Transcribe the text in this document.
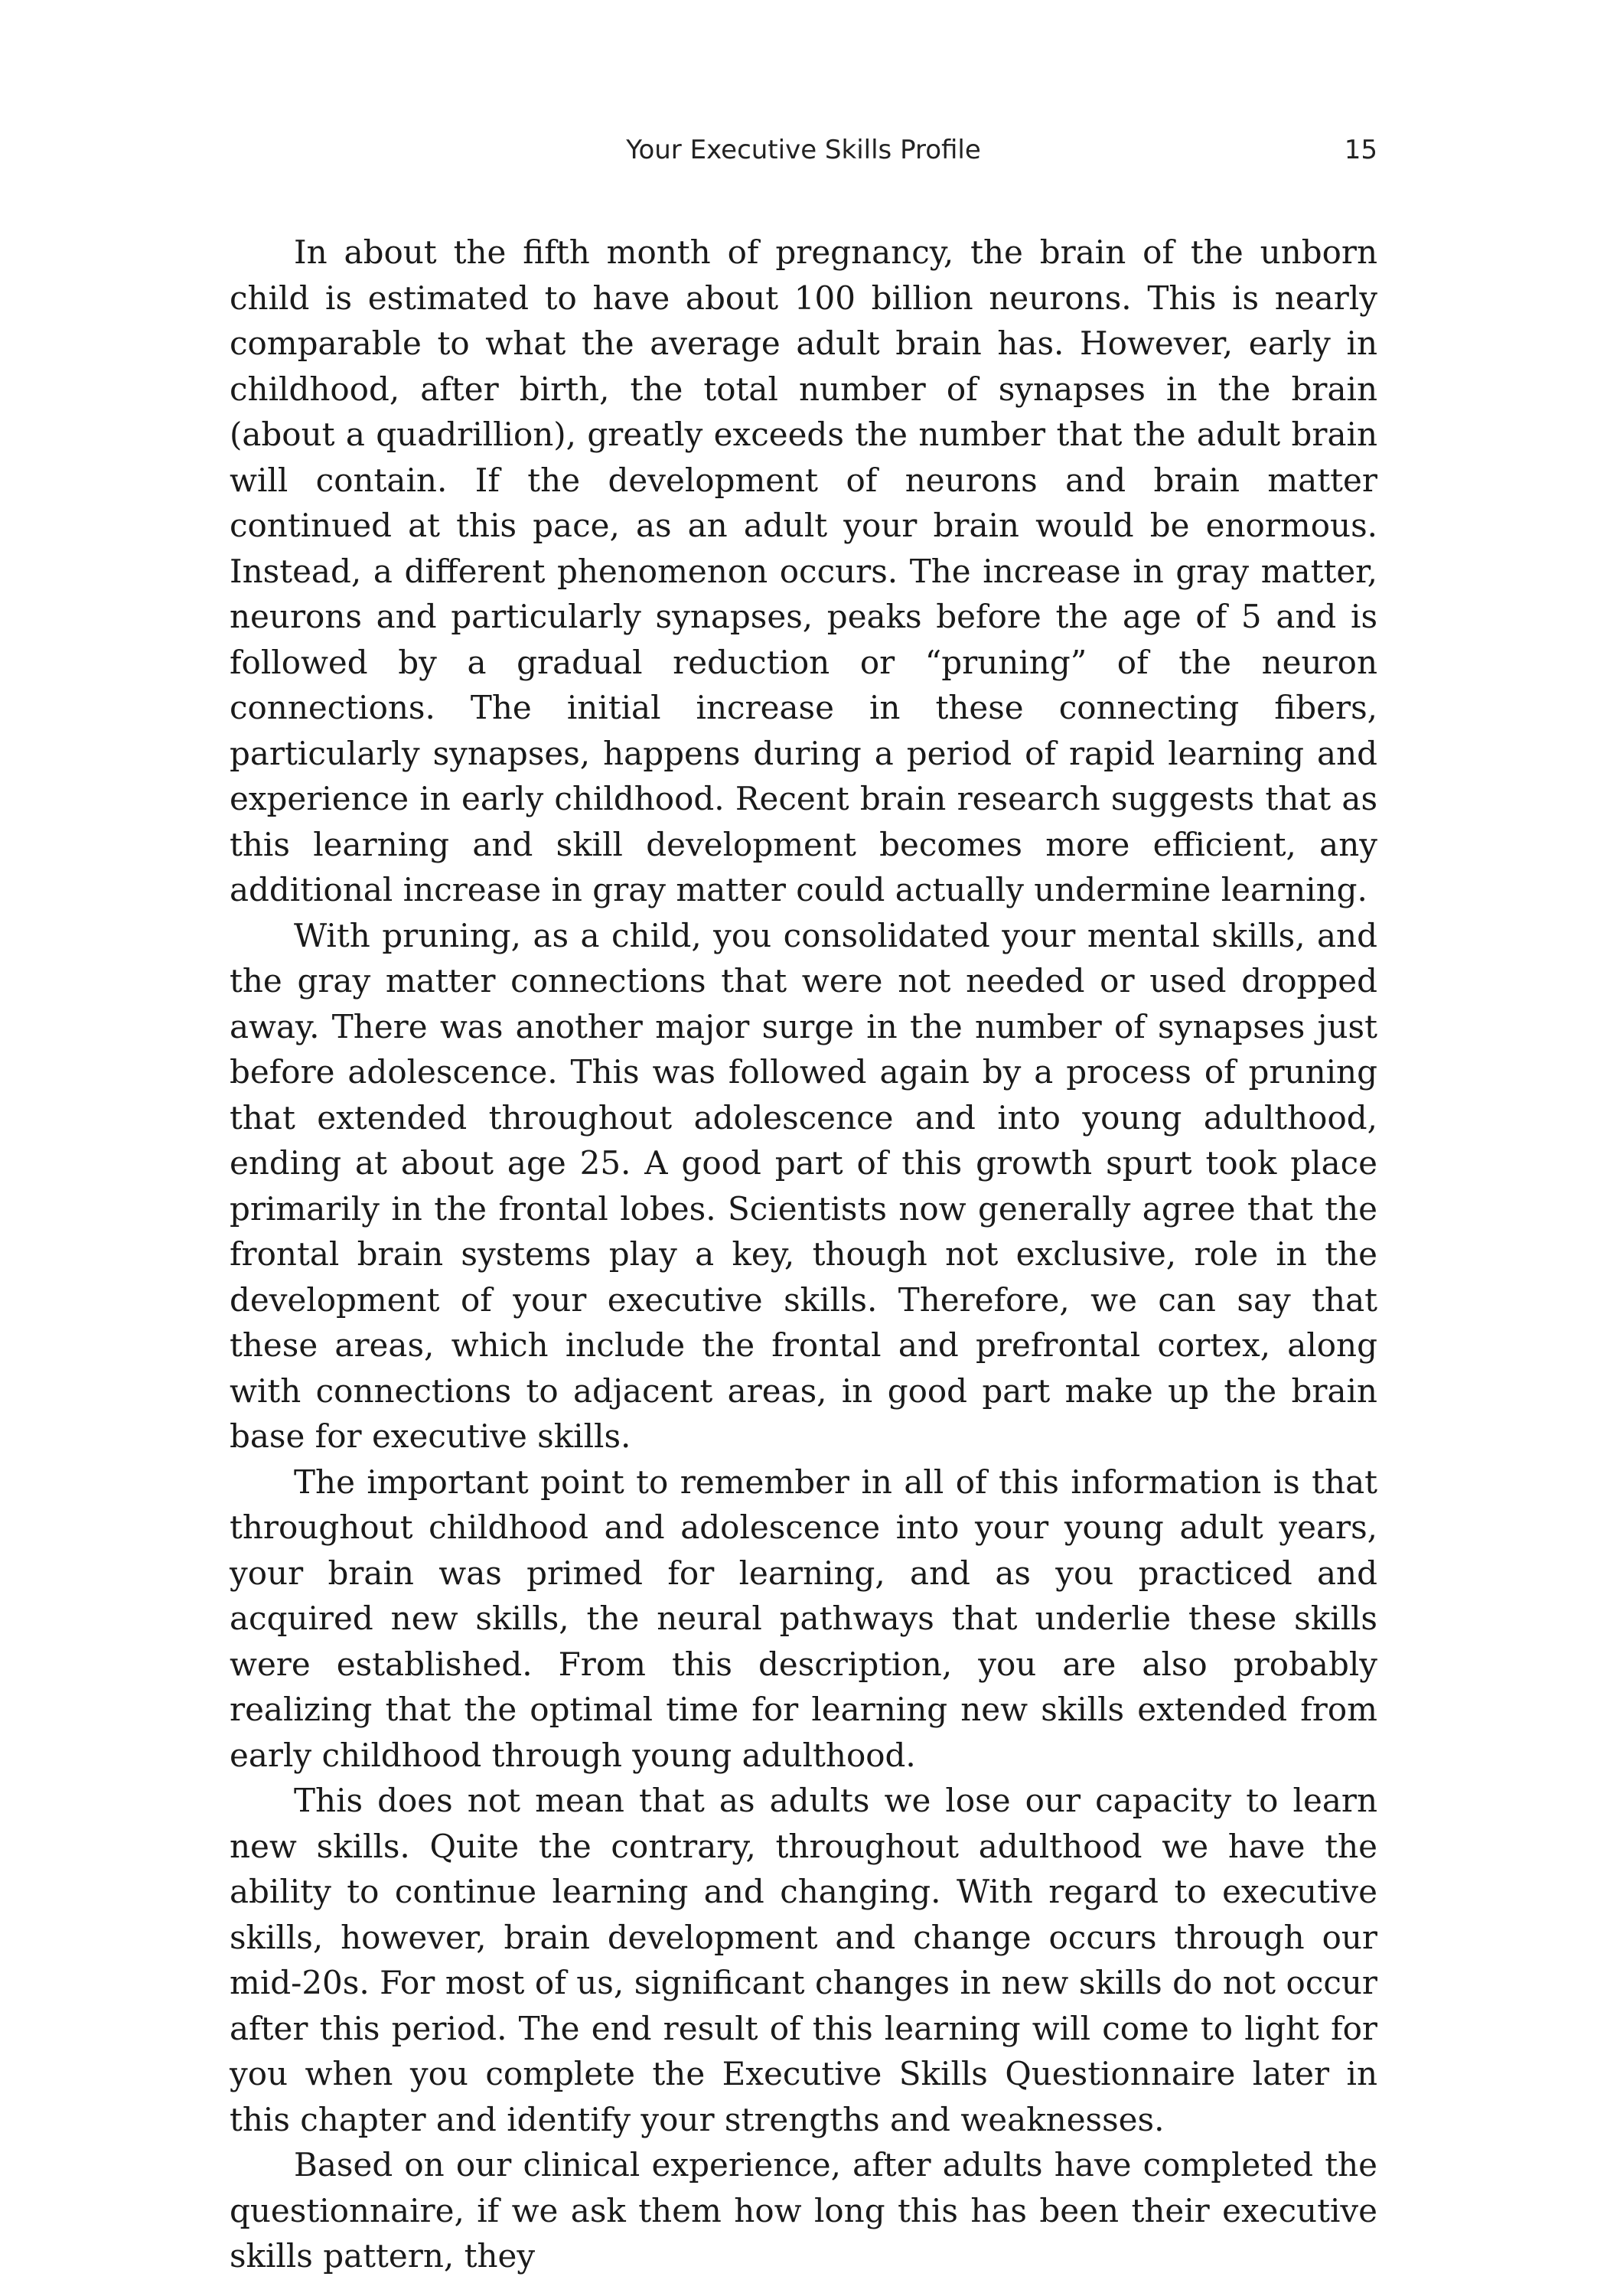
Your Executive Skills Profile	15

In about the fifth month of pregnancy, the brain of the unborn child is estimated to have about 100 billion neurons. This is nearly comparable to what the average adult brain has. However, early in childhood, after birth, the total number of synapses in the brain (about a quadrillion), greatly exceeds the number that the adult brain will contain. If the development of neurons and brain matter continued at this pace, as an adult your brain would be enormous. Instead, a different phenomenon occurs. The increase in gray matter, neurons and particularly synapses, peaks before the age of 5 and is followed by a gradual reduction or “pruning” of the neuron connections. The initial increase in these connecting fibers, particularly synapses, happens during a period of rapid learning and experience in early childhood. Recent brain research suggests that as this learning and skill development becomes more efficient, any additional increase in gray matter could actually undermine learning.

With pruning, as a child, you consolidated your mental skills, and the gray matter connections that were not needed or used dropped away. There was another major surge in the number of synapses just before adolescence. This was followed again by a process of pruning that extended throughout adolescence and into young adulthood, ending at about age 25. A good part of this growth spurt took place primarily in the frontal lobes. Scientists now generally agree that the frontal brain systems play a key, though not exclusive, role in the development of your executive skills. Therefore, we can say that these areas, which include the frontal and prefrontal cortex, along with connections to adjacent areas, in good part make up the brain base for executive skills.

The important point to remember in all of this information is that throughout childhood and adolescence into your young adult years, your brain was primed for learning, and as you practiced and acquired new skills, the neural pathways that underlie these skills were established. From this description, you are also probably realizing that the optimal time for learning new skills extended from early childhood through young adulthood.

This does not mean that as adults we lose our capacity to learn new skills. Quite the contrary, throughout adulthood we have the ability to continue learning and changing. With regard to executive skills, however, brain development and change occurs through our mid-20s. For most of us, significant changes in new skills do not occur after this period. The end result of this learning will come to light for you when you complete the Executive Skills Questionnaire later in this chapter and identify your strengths and weaknesses.

Based on our clinical experience, after adults have completed the questionnaire, if we ask them how long this has been their executive skills pattern, they
